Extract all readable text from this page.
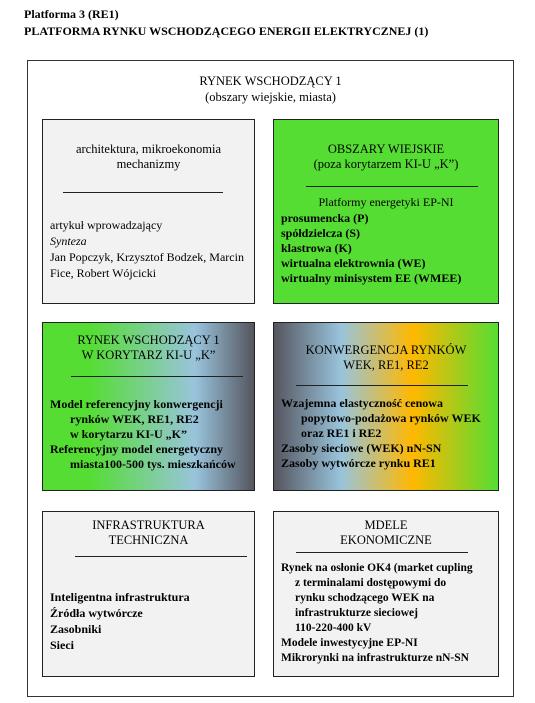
Platforma 3 (RE1)
PLATFORMA RYNKU WSCHODZĄCEGO ENERGII ELEKTRYCZNEJ (1)
RYNEK WSCHODZĄCY 1
(obszary wiejskie, miasta)
architektura, mikroekonomia
mechanizmy
artykuł wprowadzający
Synteza
Jan Popczyk, Krzysztof Bodzek, Marcin
Fice, Robert Wójcicki
OBSZARY WIEJSKIE
(poza korytarzem KI-U „K”)
Platformy energetyki EP-NI
prosumencka (P)
spółdzielcza (S)
klastrowa (K)
wirtualna elektrownia (WE)
wirtualny minisystem EE (WMEE)
RYNEK WSCHODZĄCY 1
W KORYTARZ KI-U „K”
Model referencyjny konwergencji
rynków WEK, RE1, RE2
w korytarzu KI-U „K”
Referencyjny model energetyczny
miasta100-500 tys. mieszkańców
KONWERGENCJA RYNKÓW
WEK, RE1, RE2
Wzajemna elastyczność cenowa
popytowo-podażowa rynków WEK
oraz RE1 i RE2
Zasoby sieciowe (WEK) nN-SN
Zasoby wytwórcze rynku RE1
INFRASTRUKTURA
TECHNICZNA
Inteligentna infrastruktura
Źródła wytwórcze
Zasobniki
Sieci
MDELE
EKONOMICZNE
Rynek na osłonie OK4 (market cupling
z terminalami dostępowymi do
rynku schodzącego WEK na
infrastrukturze sieciowej
110-220-400 kV
Modele inwestycyjne EP-NI
Mikrorynki na infrastrukturze nN-SN
